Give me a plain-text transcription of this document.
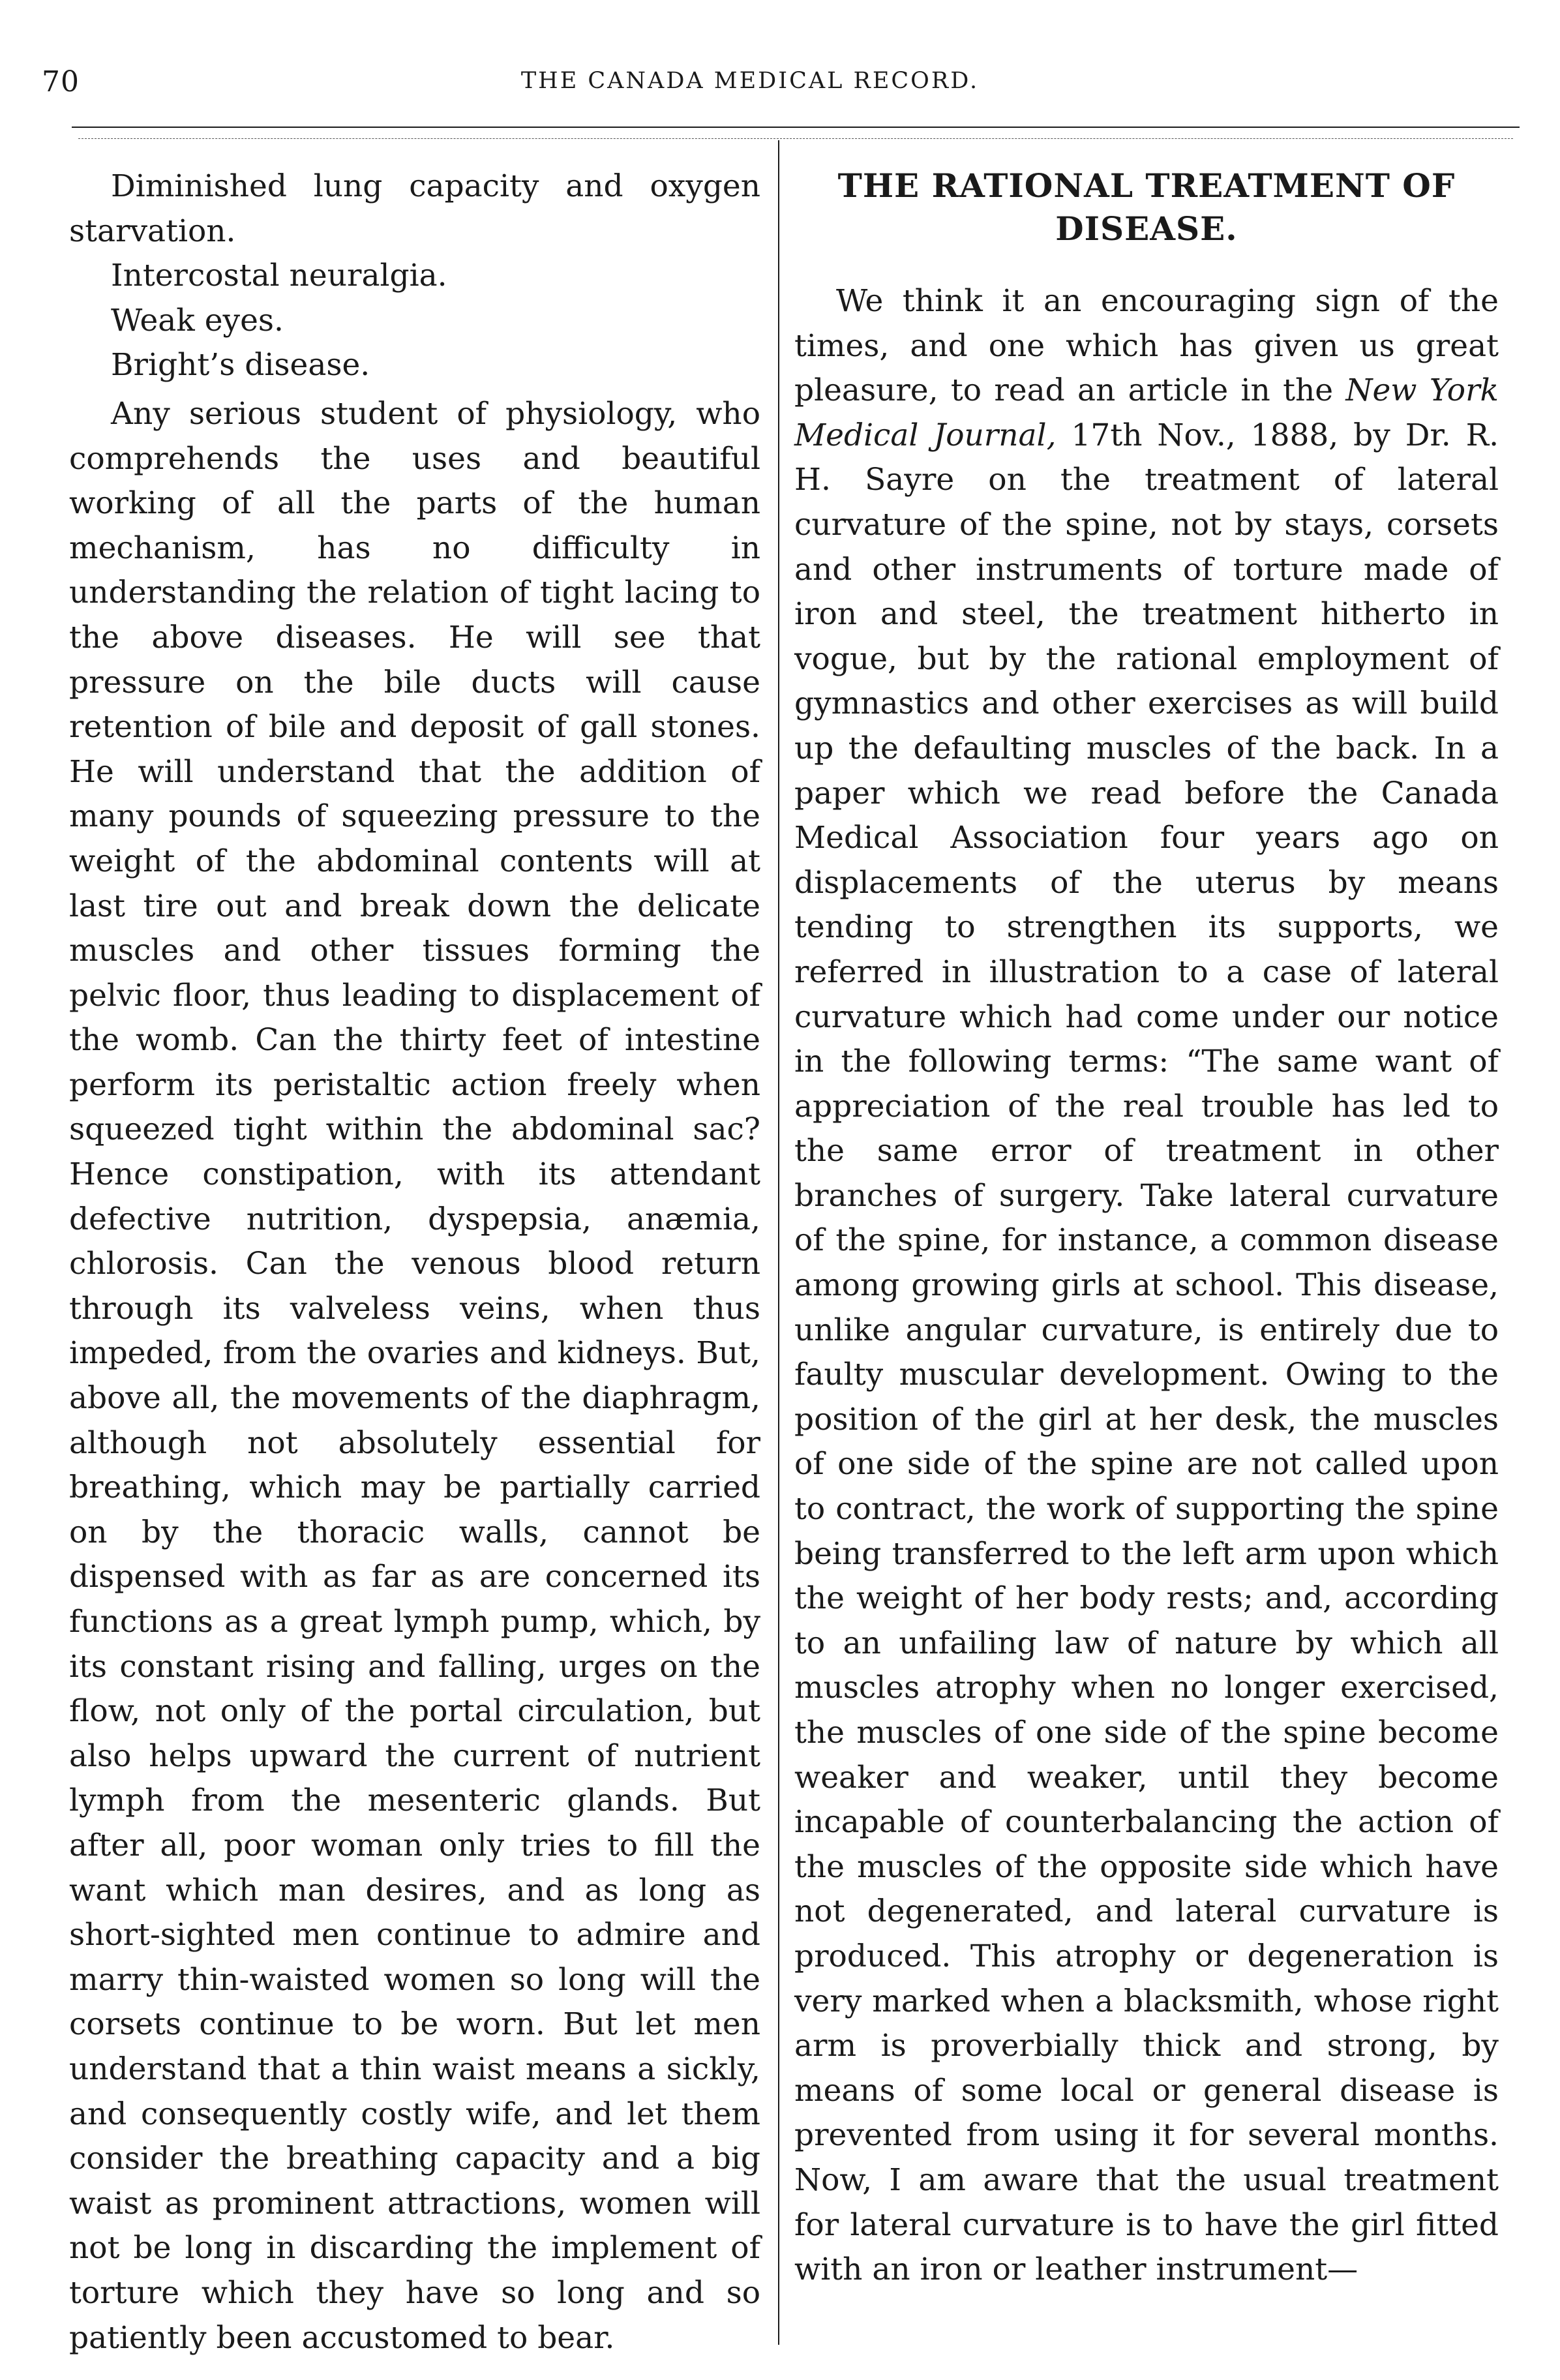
70	THE CANADA MEDICAL RECORD.

Diminished lung capacity and oxygen starvation.

Intercostal neuralgia.

Weak eyes.

Bright’s disease.

Any serious student of physiology, who comprehends the uses and beautiful working of all the parts of the human mechanism, has no difficulty in understanding the relation of tight lacing to the above diseases. He will see that pressure on the bile ducts will cause retention of bile and deposit of gall stones. He will understand that the addition of many pounds of squeezing pressure to the weight of the abdominal contents will at last tire out and break down the delicate muscles and other tissues forming the pelvic floor, thus leading to displacement of the womb. Can the thirty feet of intestine perform its peristaltic action freely when squeezed tight within the abdominal sac? Hence constipation, with its attendant defective nutrition, dyspepsia, anæmia, chlorosis. Can the venous blood return through its valveless veins, when thus impeded, from the ovaries and kidneys. But, above all, the movements of the diaphragm, although not absolutely essential for breathing, which may be partially carried on by the thoracic walls, cannot be dispensed with as far as are concerned its functions as a great lymph pump, which, by its constant rising and falling, urges on the flow, not only of the portal circulation, but also helps upward the current of nutrient lymph from the mesenteric glands. But after all, poor woman only tries to fill the want which man desires, and as long as short-sighted men continue to admire and marry thin-waisted women so long will the corsets continue to be worn. But let men understand that a thin waist means a sickly, and consequently costly wife, and let them consider the breathing capacity and a big waist as prominent attractions, women will not be long in discarding the implement of torture which they have so long and so patiently been accustomed to bear.

THE RATIONAL TREATMENT OF DISEASE.

We think it an encouraging sign of the times, and one which has given us great pleasure, to read an article in the New York Medical Journal, 17th Nov., 1888, by Dr. R. H. Sayre on the treatment of lateral curvature of the spine, not by stays, corsets and other instruments of torture made of iron and steel, the treatment hitherto in vogue, but by the rational employment of gymnastics and other exercises as will build up the defaulting muscles of the back. In a paper which we read before the Canada Medical Association four years ago on displacements of the uterus by means tending to strengthen its supports, we referred in illustration to a case of lateral curvature which had come under our notice in the following terms: “The same want of appreciation of the real trouble has led to the same error of treatment in other branches of surgery. Take lateral curvature of the spine, for instance, a common disease among growing girls at school. This disease, unlike angular curvature, is entirely due to faulty muscular development. Owing to the position of the girl at her desk, the muscles of one side of the spine are not called upon to contract, the work of supporting the spine being transferred to the left arm upon which the weight of her body rests; and, according to an unfailing law of nature by which all muscles atrophy when no longer exercised, the muscles of one side of the spine become weaker and weaker, until they become incapable of counterbalancing the action of the muscles of the opposite side which have not degenerated, and lateral curvature is produced. This atrophy or degeneration is very marked when a blacksmith, whose right arm is proverbially thick and strong, by means of some local or general disease is prevented from using it for several months. Now, I am aware that the usual treatment for lateral curvature is to have the girl fitted with an iron or leather instrument—
